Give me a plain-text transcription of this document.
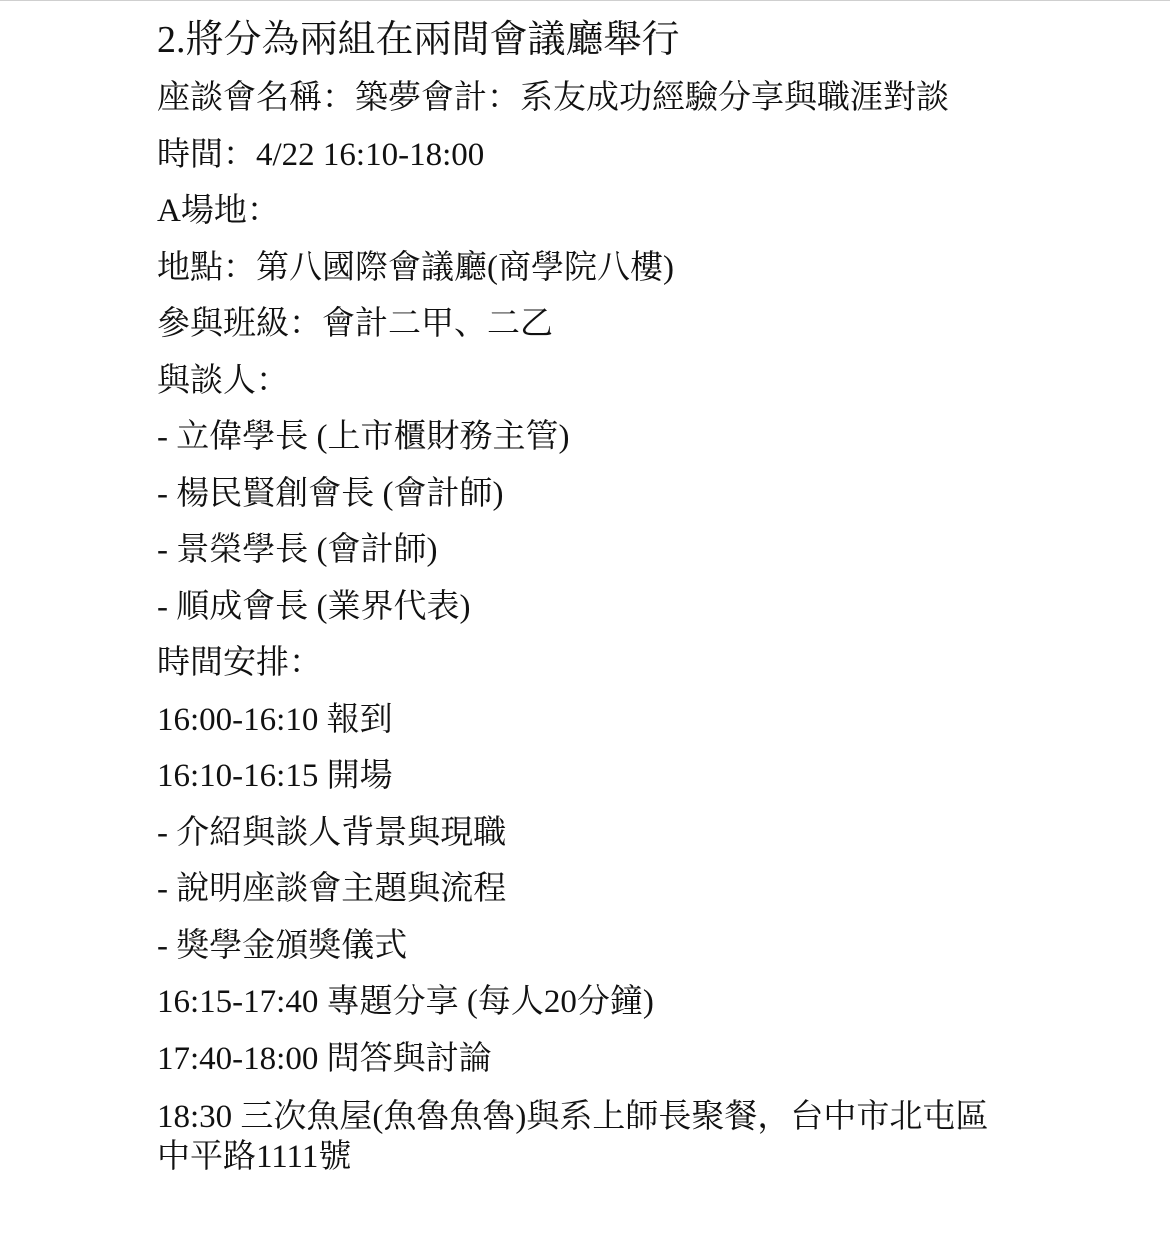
2.將分為兩組在兩間會議廳舉行
座談會名稱：築夢會計：系友成功經驗分享與職涯對談
時間：4/22 16:10-18:00
A場地：
地點：第八國際會議廳(商學院八樓)
參與班級：會計二甲、二乙
與談人：
- 立偉學長 (上市櫃財務主管)
- 楊民賢創會長 (會計師)
- 景榮學長 (會計師)
- 順成會長 (業界代表)
時間安排：
16:00-16:10 報到
16:10-16:15 開場
- 介紹與談人背景與現職
- 說明座談會主題與流程
- 獎學金頒獎儀式
16:15-17:40 專題分享 (每人20分鐘)
17:40-18:00 問答與討論
18:30 三次魚屋(魚魯魚魯)與系上師長聚餐，台中市北屯區中平路1111號
